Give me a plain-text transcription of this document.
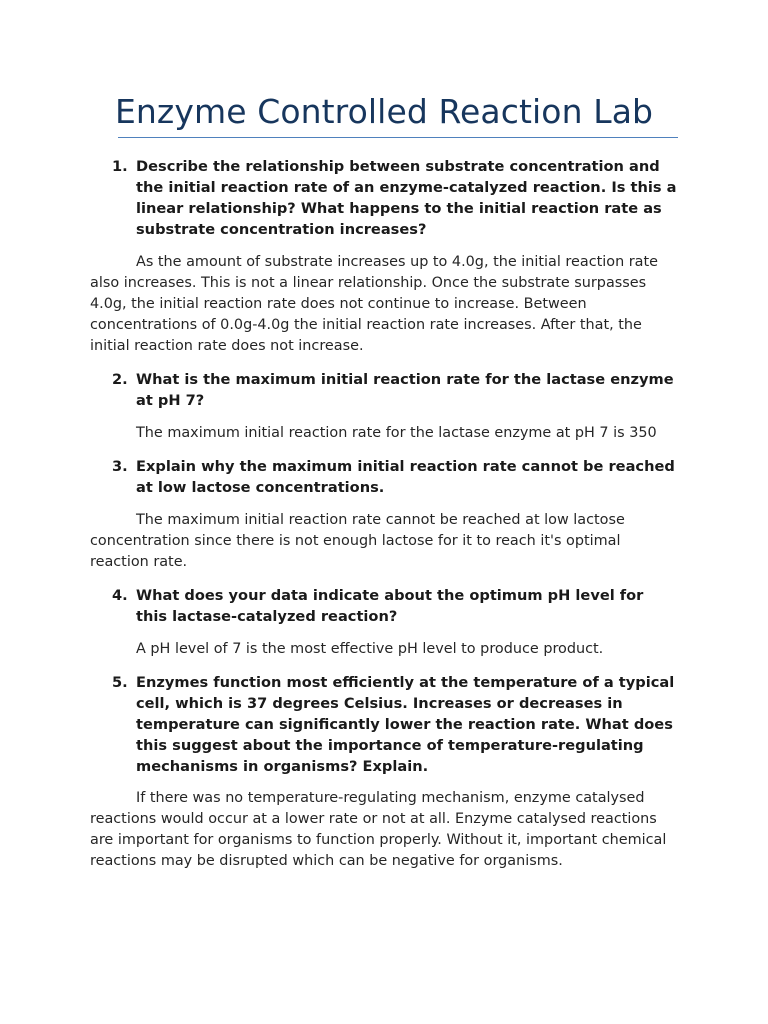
Enzyme Controlled Reaction Lab
1. Describe the relationship between substrate concentration and the initial reaction rate of an enzyme-catalyzed reaction. Is this a linear relationship? What happens to the initial reaction rate as substrate concentration increases?
As the amount of substrate increases up to 4.0g, the initial reaction rate also increases. This is not a linear relationship. Once the substrate surpasses 4.0g, the initial reaction rate does not continue to increase. Between concentrations of 0.0g-4.0g the initial reaction rate increases. After that, the initial reaction rate does not increase.
2. What is the maximum initial reaction rate for the lactase enzyme at pH 7?
The maximum initial reaction rate for the lactase enzyme at pH 7 is 350
3. Explain why the maximum initial reaction rate cannot be reached at low lactose concentrations.
The maximum initial reaction rate cannot be reached at low lactose concentration since there is not enough lactose for it to reach it's optimal reaction rate.
4. What does your data indicate about the optimum pH level for this lactase-catalyzed reaction?
A pH level of 7 is the most effective pH level to produce product.
5. Enzymes function most efficiently at the temperature of a typical cell, which is 37 degrees Celsius. Increases or decreases in temperature can significantly lower the reaction rate. What does this suggest about the importance of temperature-regulating mechanisms in organisms? Explain.
If there was no temperature-regulating mechanism, enzyme catalysed reactions would occur at a lower rate or not at all. Enzyme catalysed reactions are important for organisms to function properly. Without it, important chemical reactions may be disrupted which can be negative for organisms.
